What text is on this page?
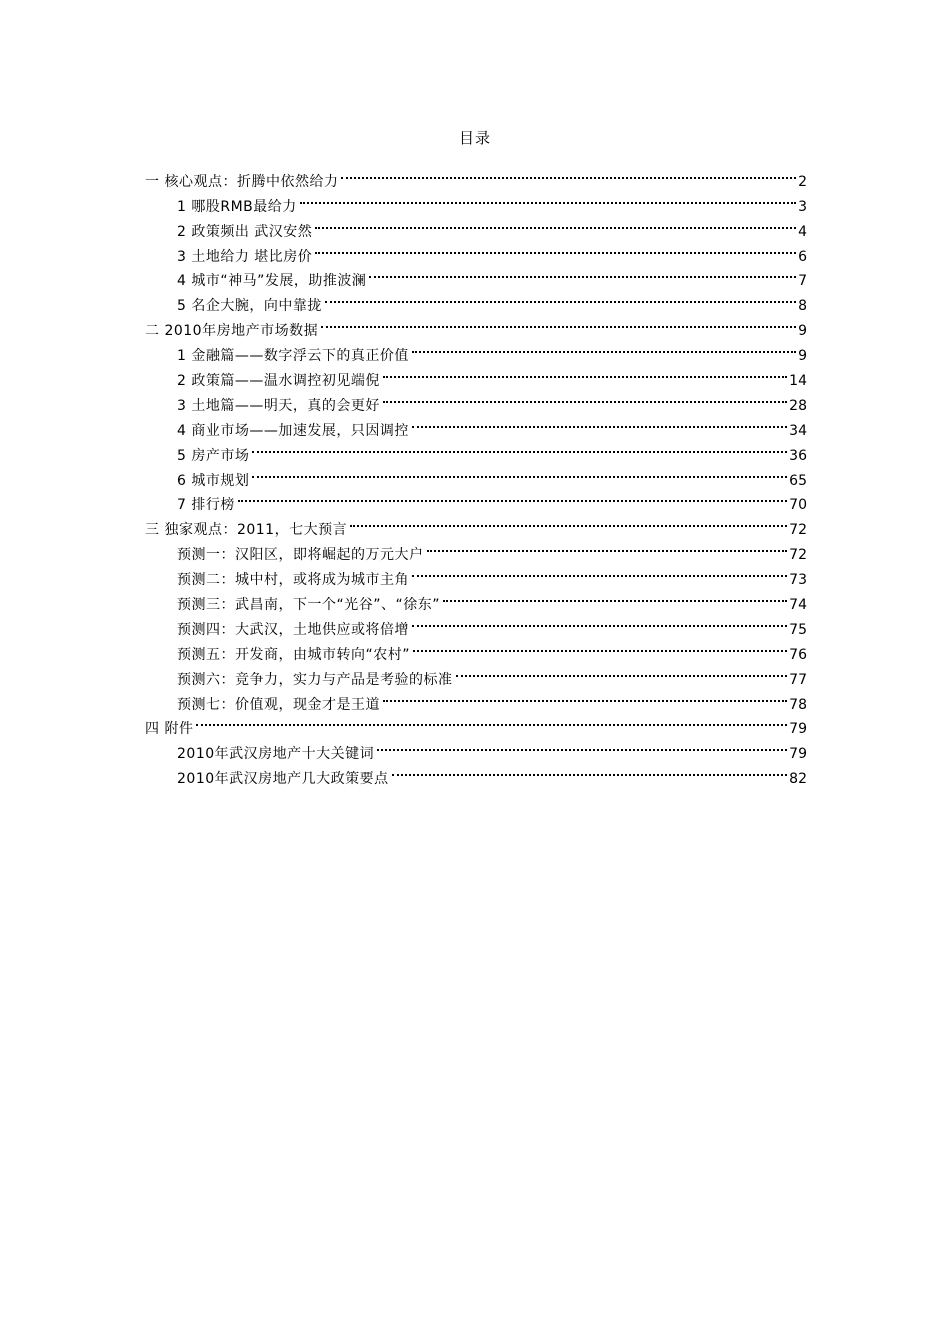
目录
一 核心观点：折腾中依然给力	2
1 哪股RMB最给力	3
2 政策频出 武汉安然	4
3 土地给力 堪比房价	6
4 城市“神马”发展，助推波澜	7
5 名企大腕，向中靠拢	8
二 2010年房地产市场数据	9
1 金融篇——数字浮云下的真正价值	9
2 政策篇——温水调控初见端倪	14
3 土地篇——明天，真的会更好	28
4 商业市场——加速发展，只因调控	34
5 房产市场	36
6 城市规划	65
7 排行榜	70
三 独家观点：2011，七大预言	72
预测一：汉阳区，即将崛起的万元大户	72
预测二：城中村，或将成为城市主角	73
预测三：武昌南，下一个“光谷”、“徐东”	74
预测四：大武汉，土地供应或将倍增	75
预测五：开发商，由城市转向“农村”	76
预测六：竞争力，实力与产品是考验的标准	77
预测七：价值观，现金才是王道	78
四 附件	79
2010年武汉房地产十大关键词	79
2010年武汉房地产几大政策要点	82
